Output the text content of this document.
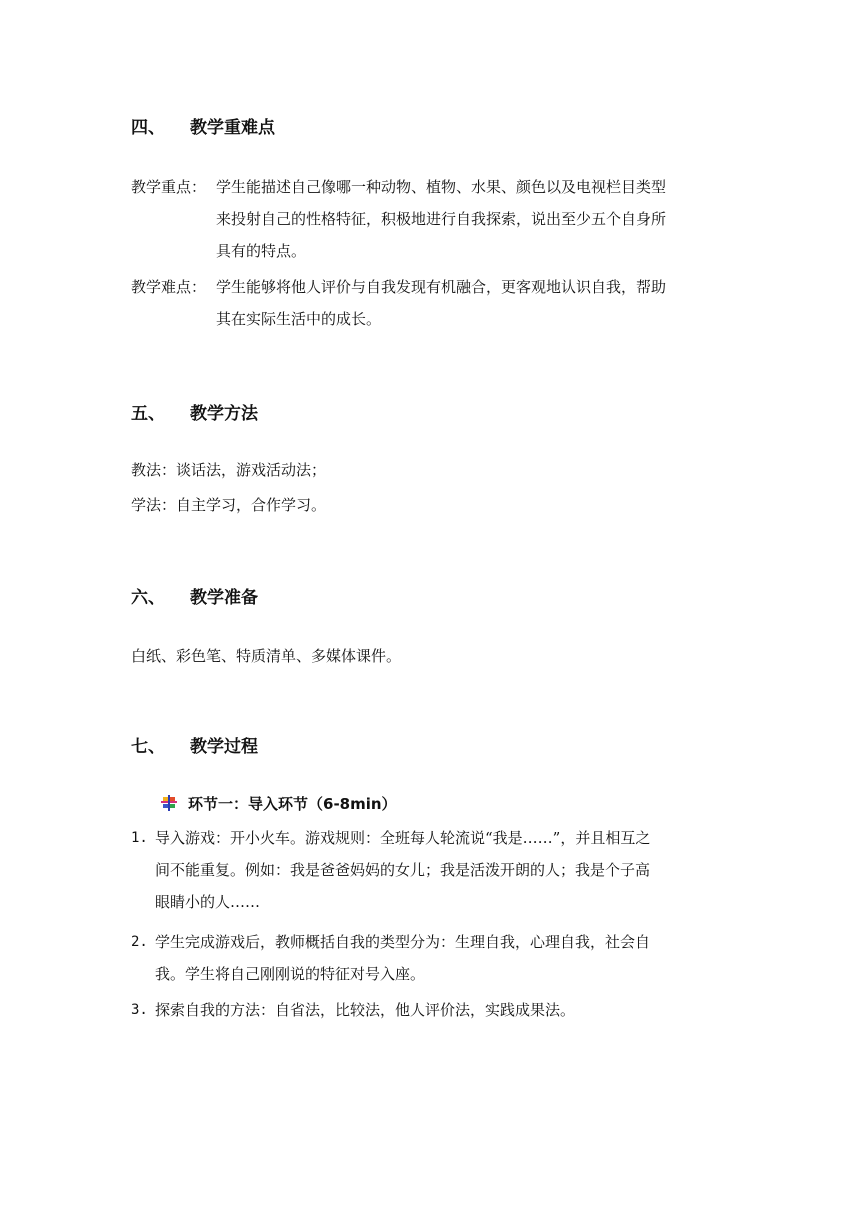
四、 教学重难点
教学重点： 学生能描述自己像哪一种动物、植物、水果、颜色以及电视栏目类型
来投射自己的性格特征，积极地进行自我探索，说出至少五个自身所
具有的特点。
教学难点： 学生能够将他人评价与自我发现有机融合，更客观地认识自我，帮助
其在实际生活中的成长。
五、 教学方法
教法：谈话法，游戏活动法；
学法：自主学习，合作学习。
六、 教学准备
白纸、彩色笔、特质清单、多媒体课件。
七、 教学过程
环节一：导入环节（6-8min）
1. 导入游戏：开小火车。游戏规则：全班每人轮流说“我是……”，并且相互之
间不能重复。例如：我是爸爸妈妈的女儿；我是活泼开朗的人；我是个子高
眼睛小的人……
2. 学生完成游戏后，教师概括自我的类型分为：生理自我，心理自我，社会自
我。学生将自己刚刚说的特征对号入座。
3. 探索自我的方法：自省法，比较法，他人评价法，实践成果法。
